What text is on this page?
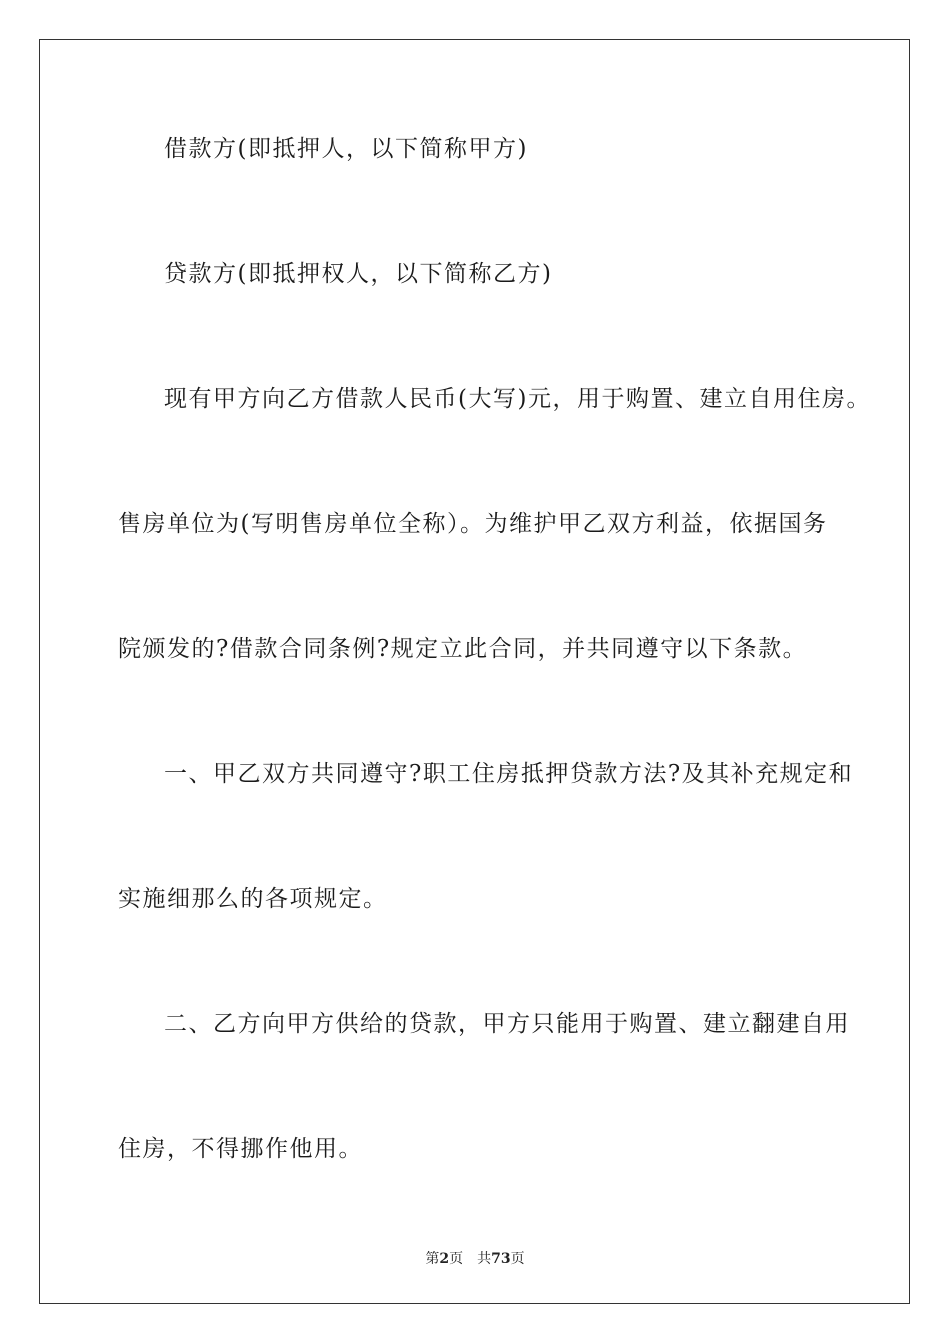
借款方(即抵押人，以下简称甲方)
贷款方(即抵押权人，以下简称乙方)
现有甲方向乙方借款人民币(大写)元，用于购置、建立自用住房。
售房单位为(写明售房单位全称）。为维护甲乙双方利益，依据国务
院颁发的?借款合同条例?规定立此合同，并共同遵守以下条款。
一、甲乙双方共同遵守?职工住房抵押贷款方法?及其补充规定和
实施细那么的各项规定。
二、乙方向甲方供给的贷款，甲方只能用于购置、建立翻建自用
住房，不得挪作他用。
第2页 共73页
